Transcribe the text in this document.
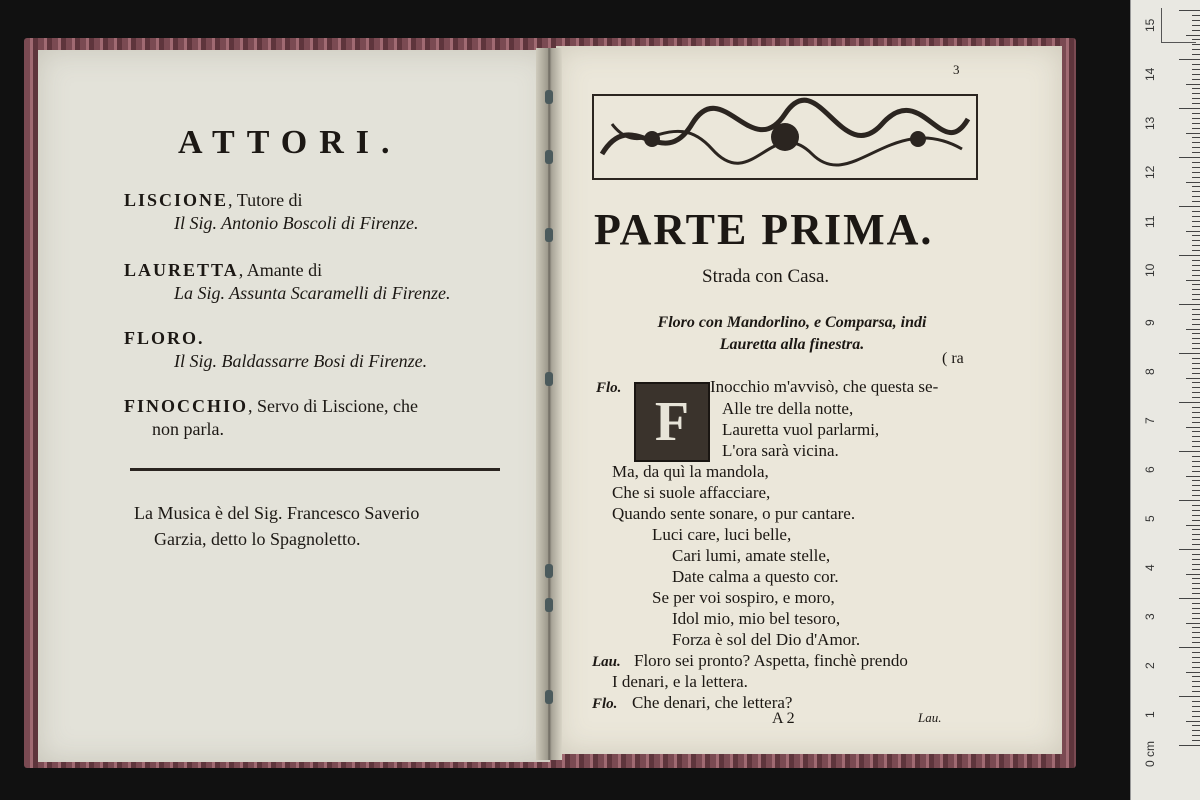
ATTORI.
LISCIONE, Tutore di
Il Sig. Antonio Boscoli di Firenze.
LAURETTA, Amante di
La Sig. Assunta Scaramelli di Firenze.
FLORO.
Il Sig. Baldassarre Bosi di Firenze.
FINOCCHIO, Servo di Liscione, che
non parla.
La Musica è del Sig. Francesco Saverio
Garzia, detto lo Spagnoletto.
3
PARTE PRIMA.
Strada con Casa.
Floro con Mandorlino, e Comparsa, indi
Lauretta alla finestra.
( ra
Flo.
F
Inocchio m'avvisò, che questa se-
Alle tre della notte,
Lauretta vuol parlarmi,
L'ora sarà vicina.
Ma, da quì la mandola,
Che si suole affacciare,
Quando sente sonare, o pur cantare.
Luci care, luci belle,
Cari lumi, amate stelle,
Date calma a questo cor.
Se per voi sospiro, e moro,
Idol mio, mio bel tesoro,
Forza è sol del Dio d'Amor.
Lau. Floro sei pronto? Aspetta, finchè prendo
I denari, e la lettera.
Flo. Che denari, che lettera?
A 2	Lau.
15
14
13
12
11
10
9
8
7
6
5
4
3
2
1
0 cm
